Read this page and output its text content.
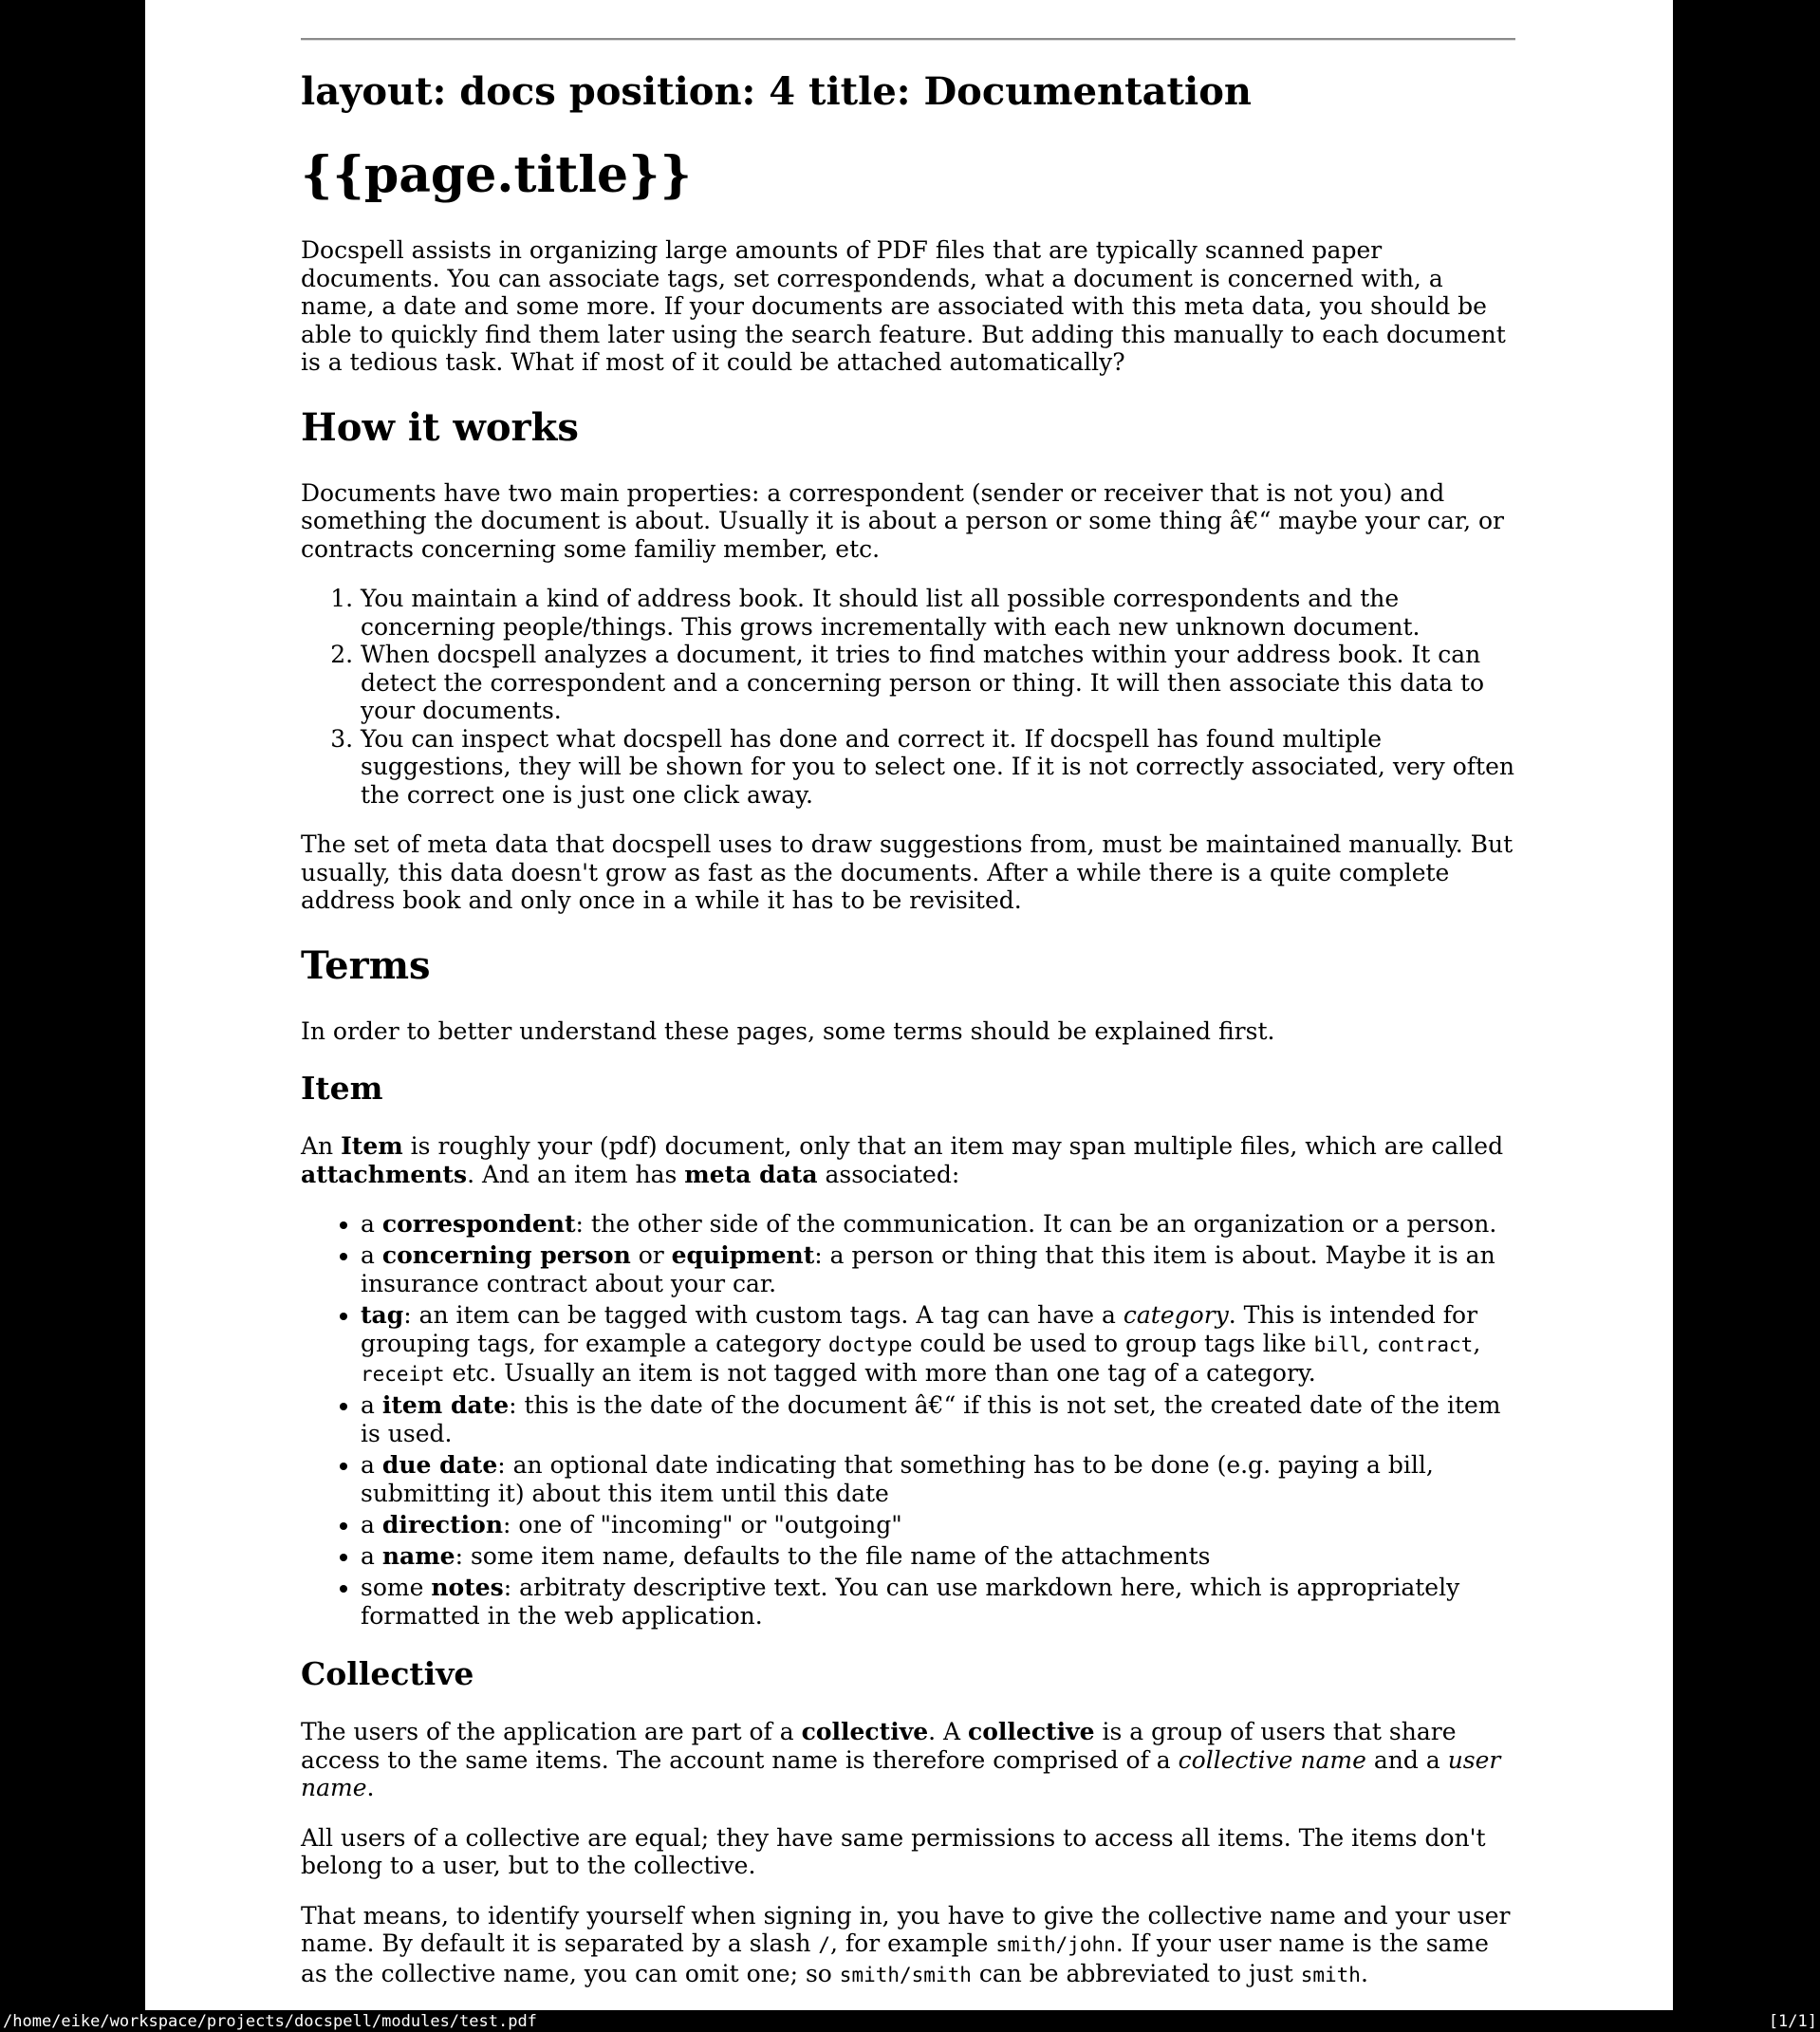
layout: docs position: 4 title: Documentation
{{page.title}}

Docspell assists in organizing large amounts of PDF files that are typically scanned paper documents. You can associate tags, set correspondends, what a document is concerned with, a name, a date and some more. If your documents are associated with this meta data, you should be able to quickly find them later using the search feature. But adding this manually to each document is a tedious task. What if most of it could be attached automatically?

How it works

Documents have two main properties: a correspondent (sender or receiver that is not you) and something the document is about. Usually it is about a person or some thing â€“ maybe your car, or contracts concerning some familiy member, etc.

1. You maintain a kind of address book. It should list all possible correspondents and the concerning people/things. This grows incrementally with each new unknown document.
2. When docspell analyzes a document, it tries to find matches within your address book. It can detect the correspondent and a concerning person or thing. It will then associate this data to your documents.
3. You can inspect what docspell has done and correct it. If docspell has found multiple suggestions, they will be shown for you to select one. If it is not correctly associated, very often the correct one is just one click away.

The set of meta data that docspell uses to draw suggestions from, must be maintained manually. But usually, this data doesn't grow as fast as the documents. After a while there is a quite complete address book and only once in a while it has to be revisited.

Terms

In order to better understand these pages, some terms should be explained first.

Item

An Item is roughly your (pdf) document, only that an item may span multiple files, which are called attachments. And an item has meta data associated:

• a correspondent: the other side of the communication. It can be an organization or a person.
• a concerning person or equipment: a person or thing that this item is about. Maybe it is an insurance contract about your car.
• tag: an item can be tagged with custom tags. A tag can have a category. This is intended for grouping tags, for example a category doctype could be used to group tags like bill, contract, receipt etc. Usually an item is not tagged with more than one tag of a category.
• a item date: this is the date of the document â€“ if this is not set, the created date of the item is used.
• a due date: an optional date indicating that something has to be done (e.g. paying a bill, submitting it) about this item until this date
• a direction: one of "incoming" or "outgoing"
• a name: some item name, defaults to the file name of the attachments
• some notes: arbitraty descriptive text. You can use markdown here, which is appropriately formatted in the web application.
Collective

The users of the application are part of a collective. A collective is a group of users that share access to the same items. The account name is therefore comprised of a collective name and a user name.

All users of a collective are equal; they have same permissions to access all items. The items don't belong to a user, but to the collective.

That means, to identify yourself when signing in, you have to give the collective name and your user name. By default it is separated by a slash /, for example smith/john. If your user name is the same as the collective name, you can omit one; so smith/smith can be abbreviated to just smith.

/home/eike/workspace/projects/docspell/modules/test.pdf	[1/1]
